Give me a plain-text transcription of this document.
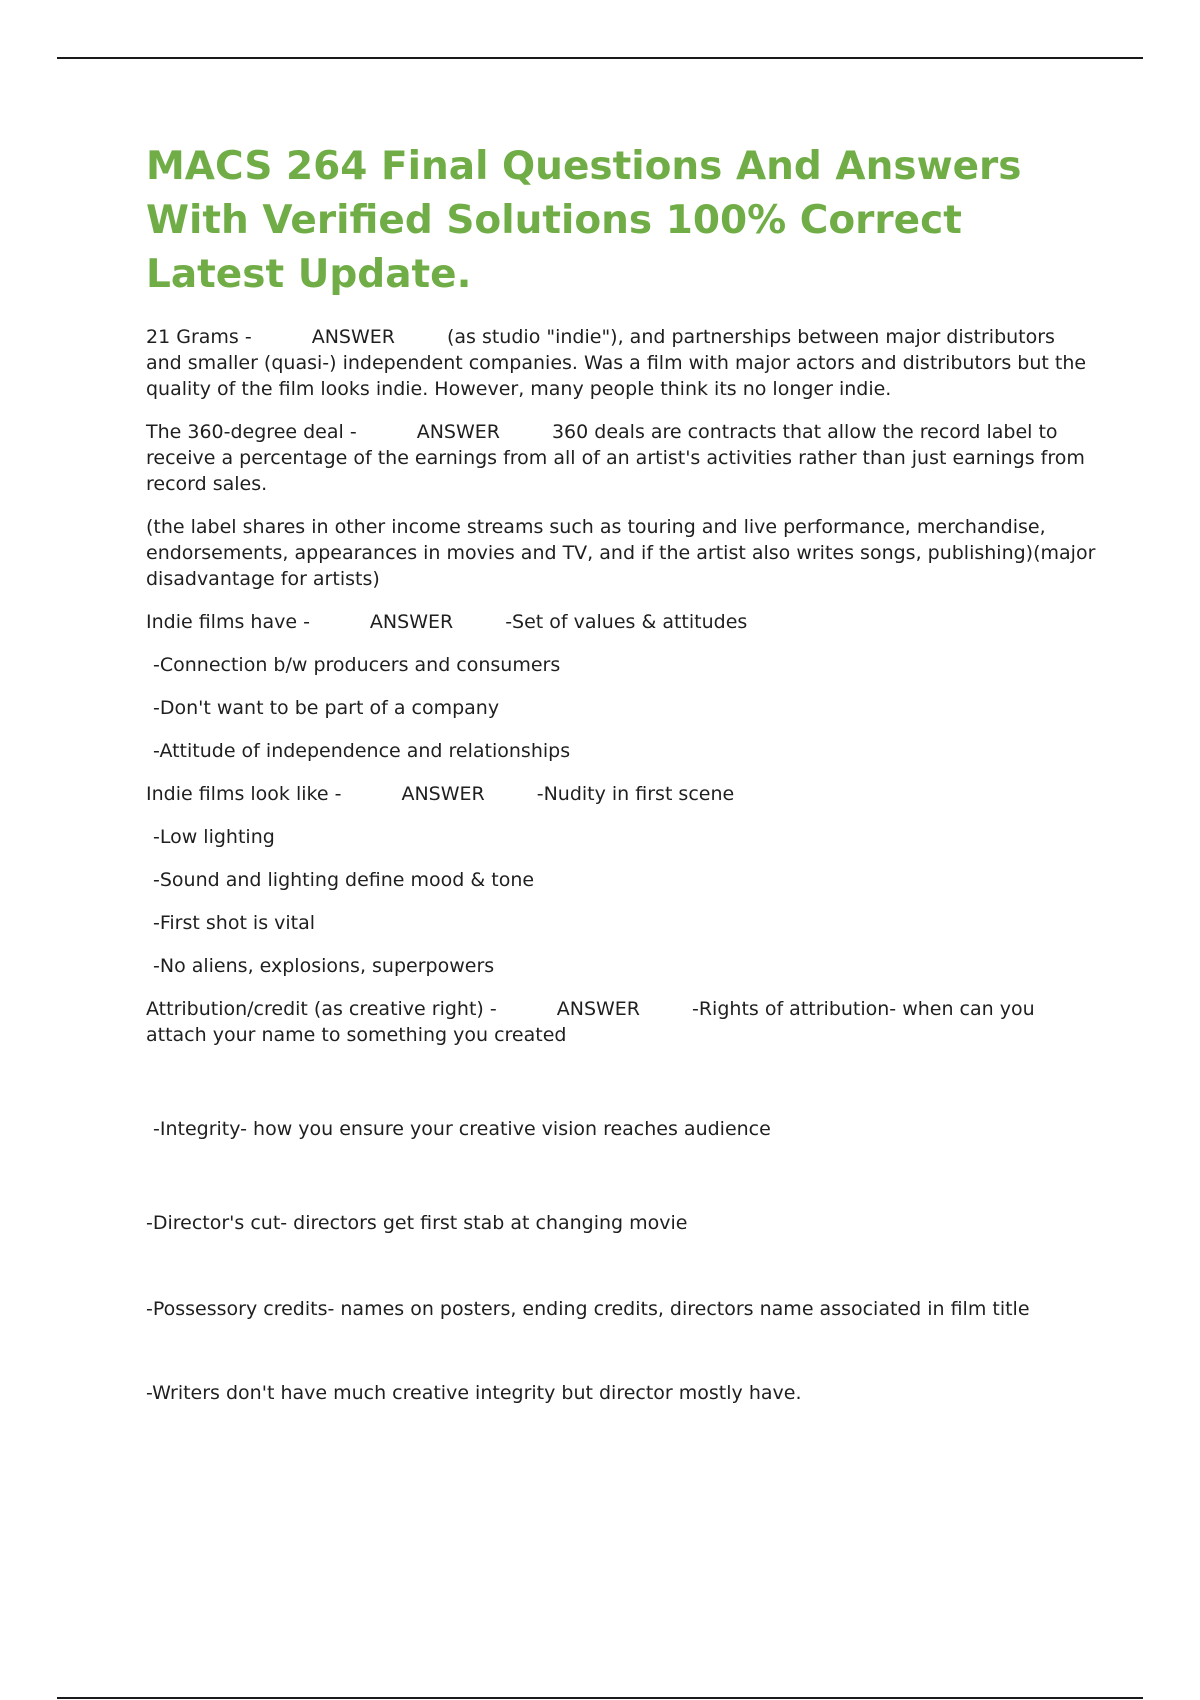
MACS 264 Final Questions And Answers With Verified Solutions 100% Correct Latest Update.

21 Grams -	ANSWER	(as studio "indie"), and partnerships between major distributors and smaller (quasi-) independent companies. Was a film with major actors and distributors but the quality of the film looks indie. However, many people think its no longer indie.

The 360-degree deal -	ANSWER	360 deals are contracts that allow the record label to receive a percentage of the earnings from all of an artist's activities rather than just earnings from record sales.

(the label shares in other income streams such as touring and live performance, merchandise, endorsements, appearances in movies and TV, and if the artist also writes songs, publishing)(major disadvantage for artists)

Indie films have -	ANSWER	-Set of values & attitudes

-Connection b/w producers and consumers

-Don't want to be part of a company

-Attitude of independence and relationships

Indie films look like -	ANSWER	-Nudity in first scene

-Low lighting

-Sound and lighting define mood & tone

-First shot is vital

-No aliens, explosions, superpowers

Attribution/credit (as creative right) -	ANSWER	-Rights of attribution- when can you attach your name to something you created

-Integrity- how you ensure your creative vision reaches audience

-Director's cut- directors get first stab at changing movie

-Possessory credits- names on posters, ending credits, directors name associated in film title

-Writers don't have much creative integrity but director mostly have.
